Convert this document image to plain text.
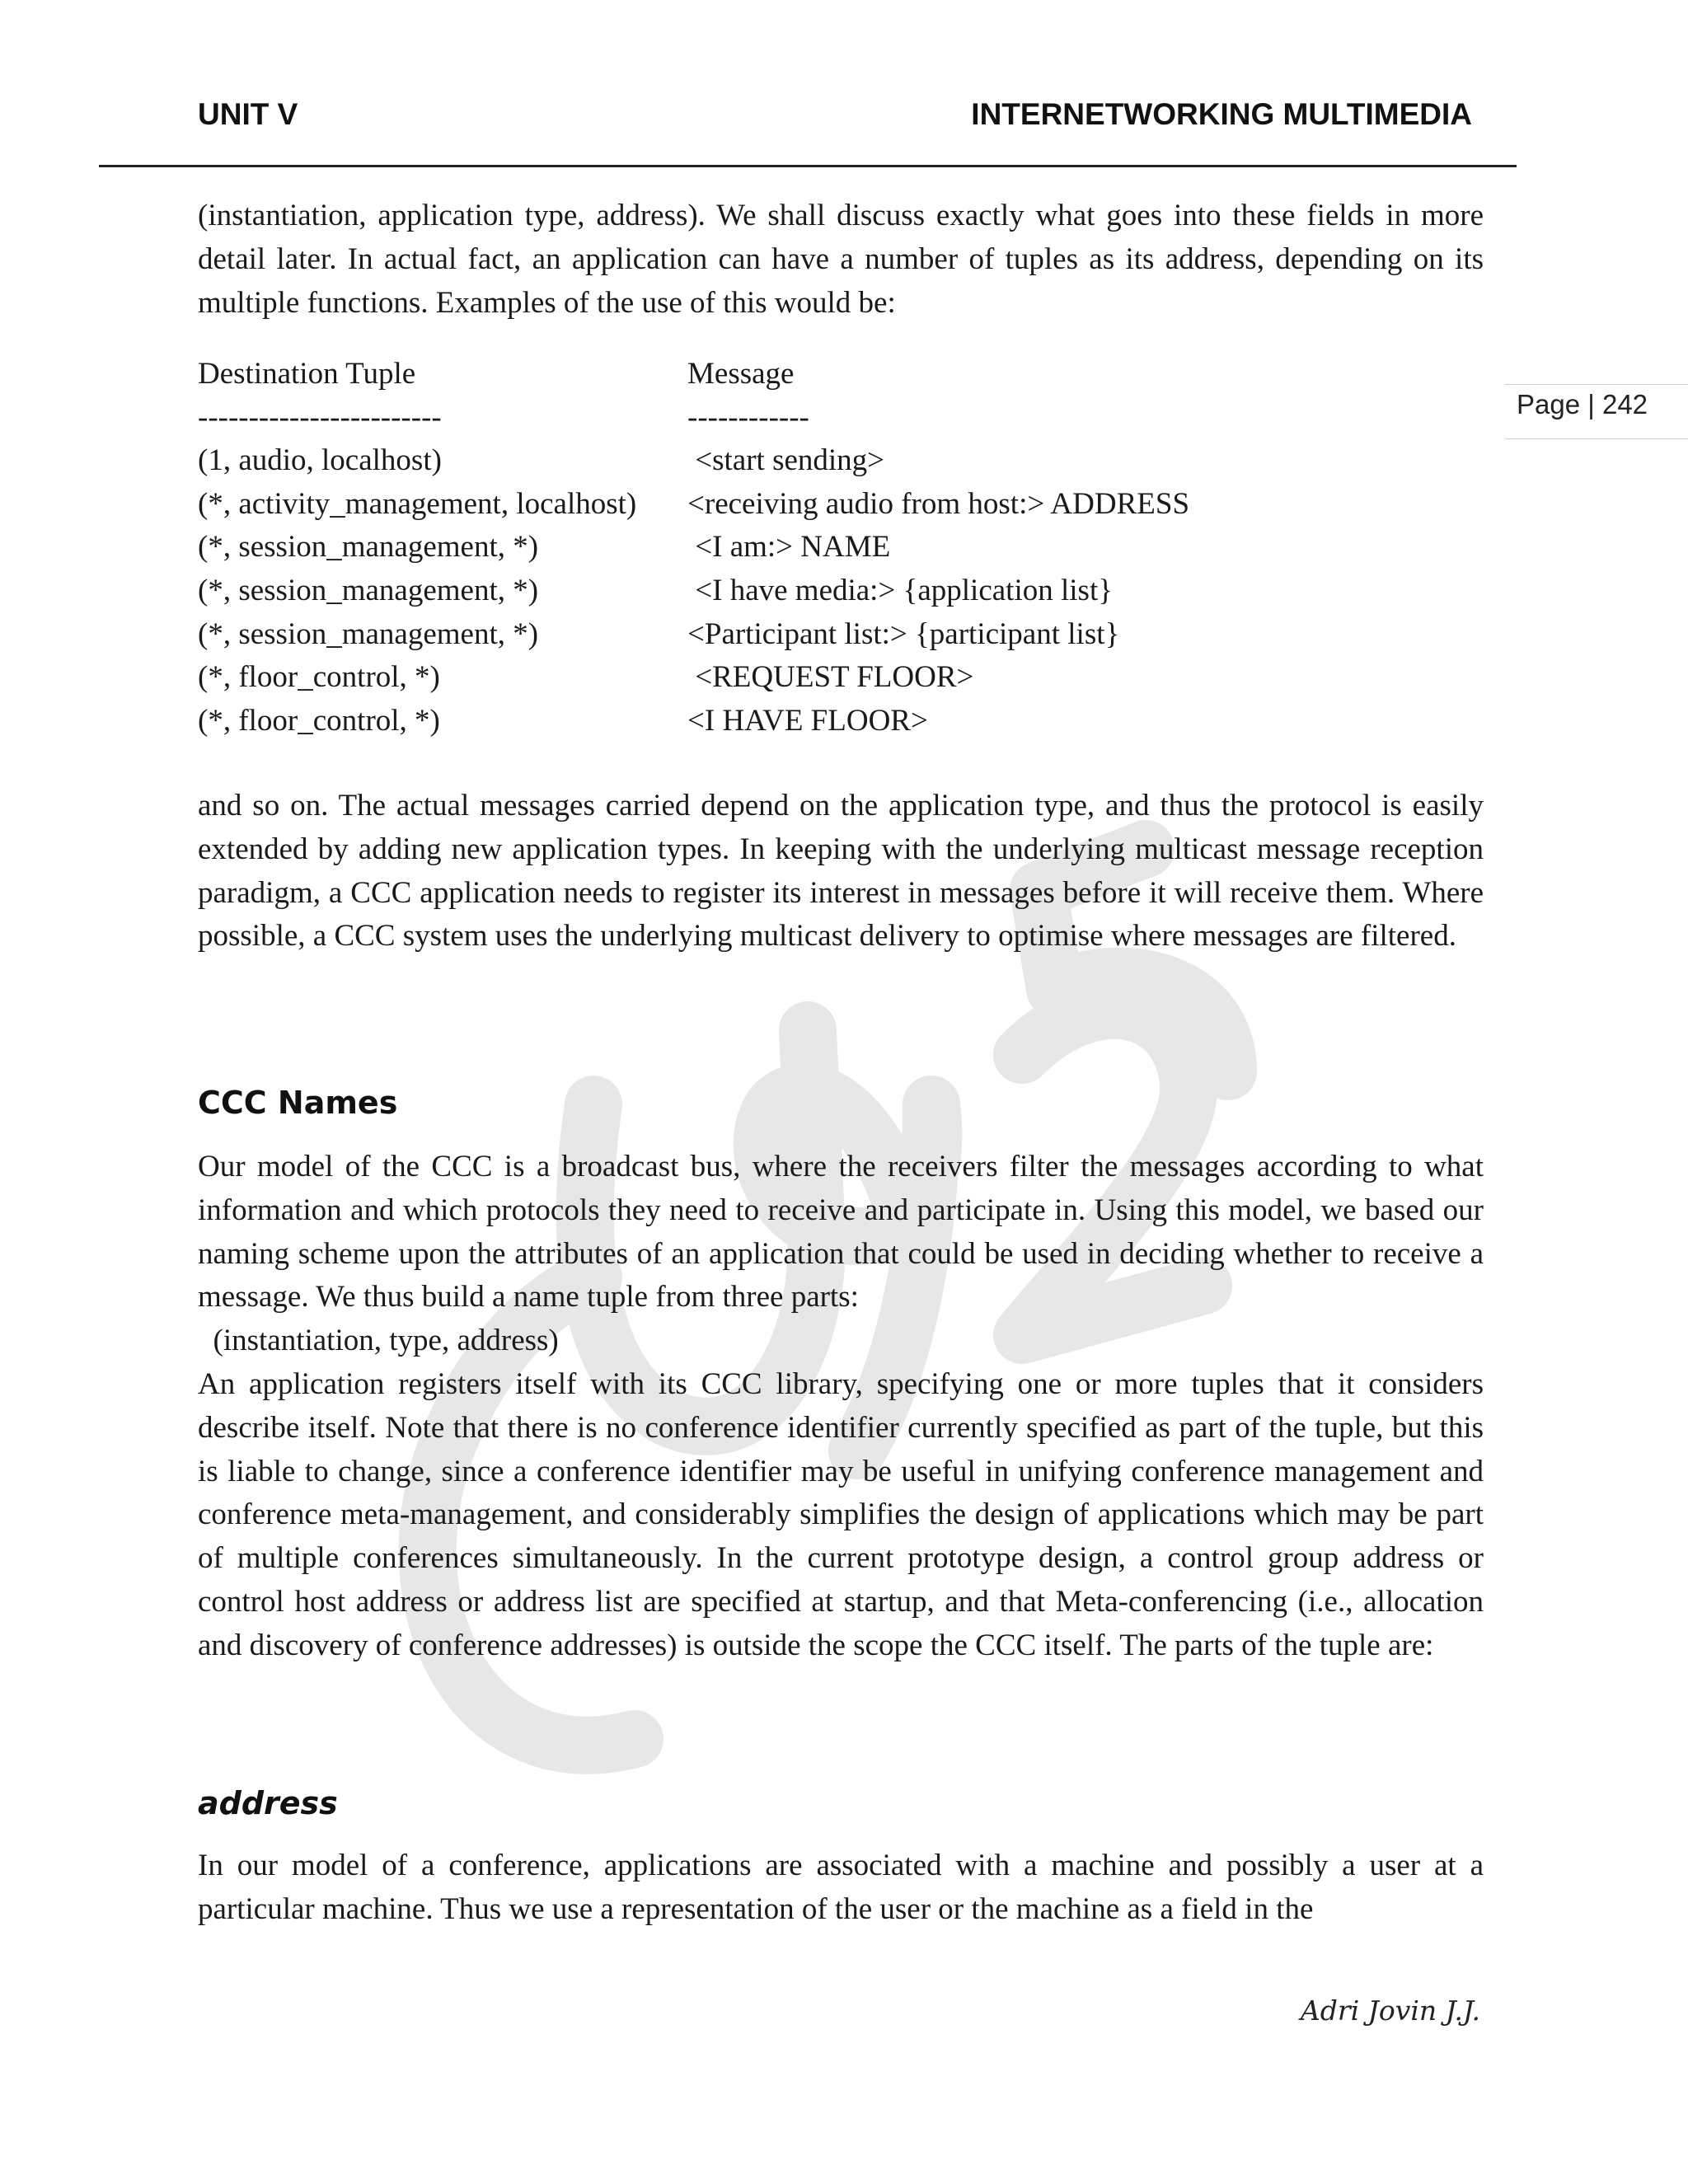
UNIT V	INTERNETWORKING MULTIMEDIA
Page | 242

(instantiation, application type, address). We shall discuss exactly what goes into these fields in more detail later. In actual fact, an application can have a number of tuples as its address, depending on its multiple functions. Examples of the use of this would be:

Destination Tuple	Message
------------------------	------------
(1, audio, localhost)	<start sending>
(*, activity_management, localhost) <receiving audio from host:> ADDRESS
(*, session_management, *)	<I am:> NAME
(*, session_management, *)	<I have media:> {application list}
(*, session_management, *)	<Participant list:> {participant list}
(*, floor_control, *)	<REQUEST FLOOR>
(*, floor_control, *)	<I HAVE FLOOR>

and so on. The actual messages carried depend on the application type, and thus the protocol is easily extended by adding new application types. In keeping with the underlying multicast message reception paradigm, a CCC application needs to register its interest in messages before it will receive them. Where possible, a CCC system uses the underlying multicast delivery to optimise where messages are filtered.

CCC Names

Our model of the CCC is a broadcast bus, where the receivers filter the messages according to what information and which protocols they need to receive and participate in. Using this model, we based our naming scheme upon the attributes of an application that could be used in deciding whether to receive a message. We thus build a name tuple from three parts:

(instantiation, type, address)

An application registers itself with its CCC library, specifying one or more tuples that it considers describe itself. Note that there is no conference identifier currently specified as part of the tuple, but this is liable to change, since a conference identifier may be useful in unifying conference management and conference meta-management, and considerably simplifies the design of applications which may be part of multiple conferences simultaneously. In the current prototype design, a control group address or control host address or address list are specified at startup, and that Meta-conferencing (i.e., allocation and discovery of conference addresses) is outside the scope the CCC itself. The parts of the tuple are:

address

In our model of a conference, applications are associated with a machine and possibly a user at a particular machine. Thus we use a representation of the user or the machine as a field in the

Adri Jovin J.J.
